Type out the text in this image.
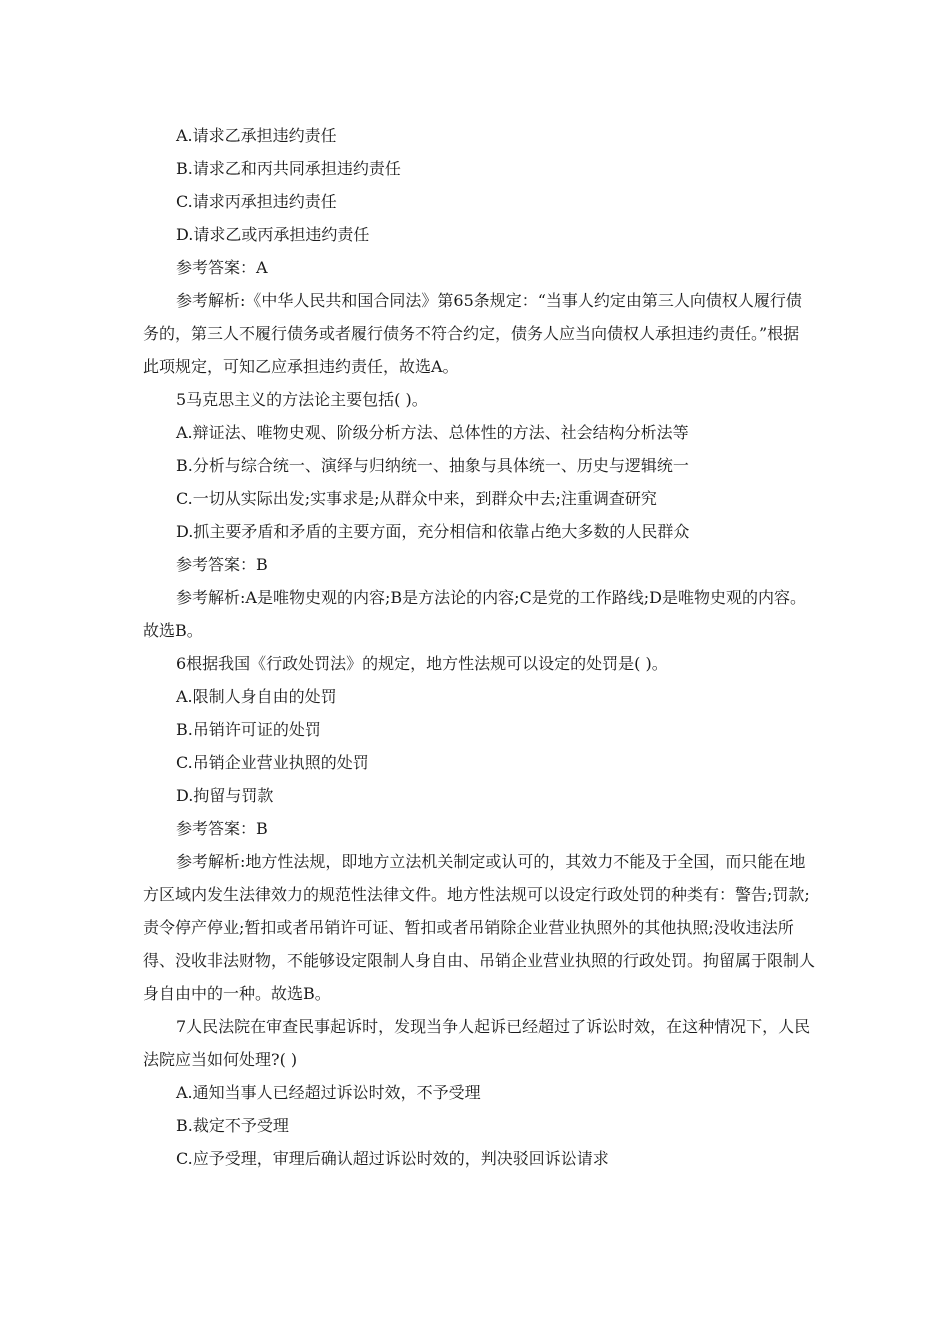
A.请求乙承担违约责任

B.请求乙和丙共同承担违约责任

C.请求丙承担违约责任

D.请求乙或丙承担违约责任

参考答案：A

参考解析:《中华人民共和国合同法》第65条规定：“当事人约定由第三人向债权人履行债务的，第三人不履行债务或者履行债务不符合约定，债务人应当向债权人承担违约责任。”根据此项规定，可知乙应承担违约责任，故选A。

5马克思主义的方法论主要包括( )。

A.辩证法、唯物史观、阶级分析方法、总体性的方法、社会结构分析法等

B.分析与综合统一、演绎与归纳统一、抽象与具体统一、历史与逻辑统一

C.一切从实际出发;实事求是;从群众中来，到群众中去;注重调查研究

D.抓主要矛盾和矛盾的主要方面，充分相信和依靠占绝大多数的人民群众

参考答案：B

参考解析:A是唯物史观的内容;B是方法论的内容;C是党的工作路线;D是唯物史观的内容。故选B。

6根据我国《行政处罚法》的规定，地方性法规可以设定的处罚是( )。

A.限制人身自由的处罚

B.吊销许可证的处罚

C.吊销企业营业执照的处罚

D.拘留与罚款

参考答案：B

参考解析:地方性法规，即地方立法机关制定或认可的，其效力不能及于全国，而只能在地方区域内发生法律效力的规范性法律文件。地方性法规可以设定行政处罚的种类有：警告;罚款;责令停产停业;暂扣或者吊销许可证、暂扣或者吊销除企业营业执照外的其他执照;没收违法所得、没收非法财物，不能够设定限制人身自由、吊销企业营业执照的行政处罚。拘留属于限制人身自由中的一种。故选B。

7人民法院在审查民事起诉时，发现当争人起诉已经超过了诉讼时效，在这种情况下，人民法院应当如何处理?( )

A.通知当事人已经超过诉讼时效，不予受理

B.裁定不予受理

C.应予受理，审理后确认超过诉讼时效的，判决驳回诉讼请求
